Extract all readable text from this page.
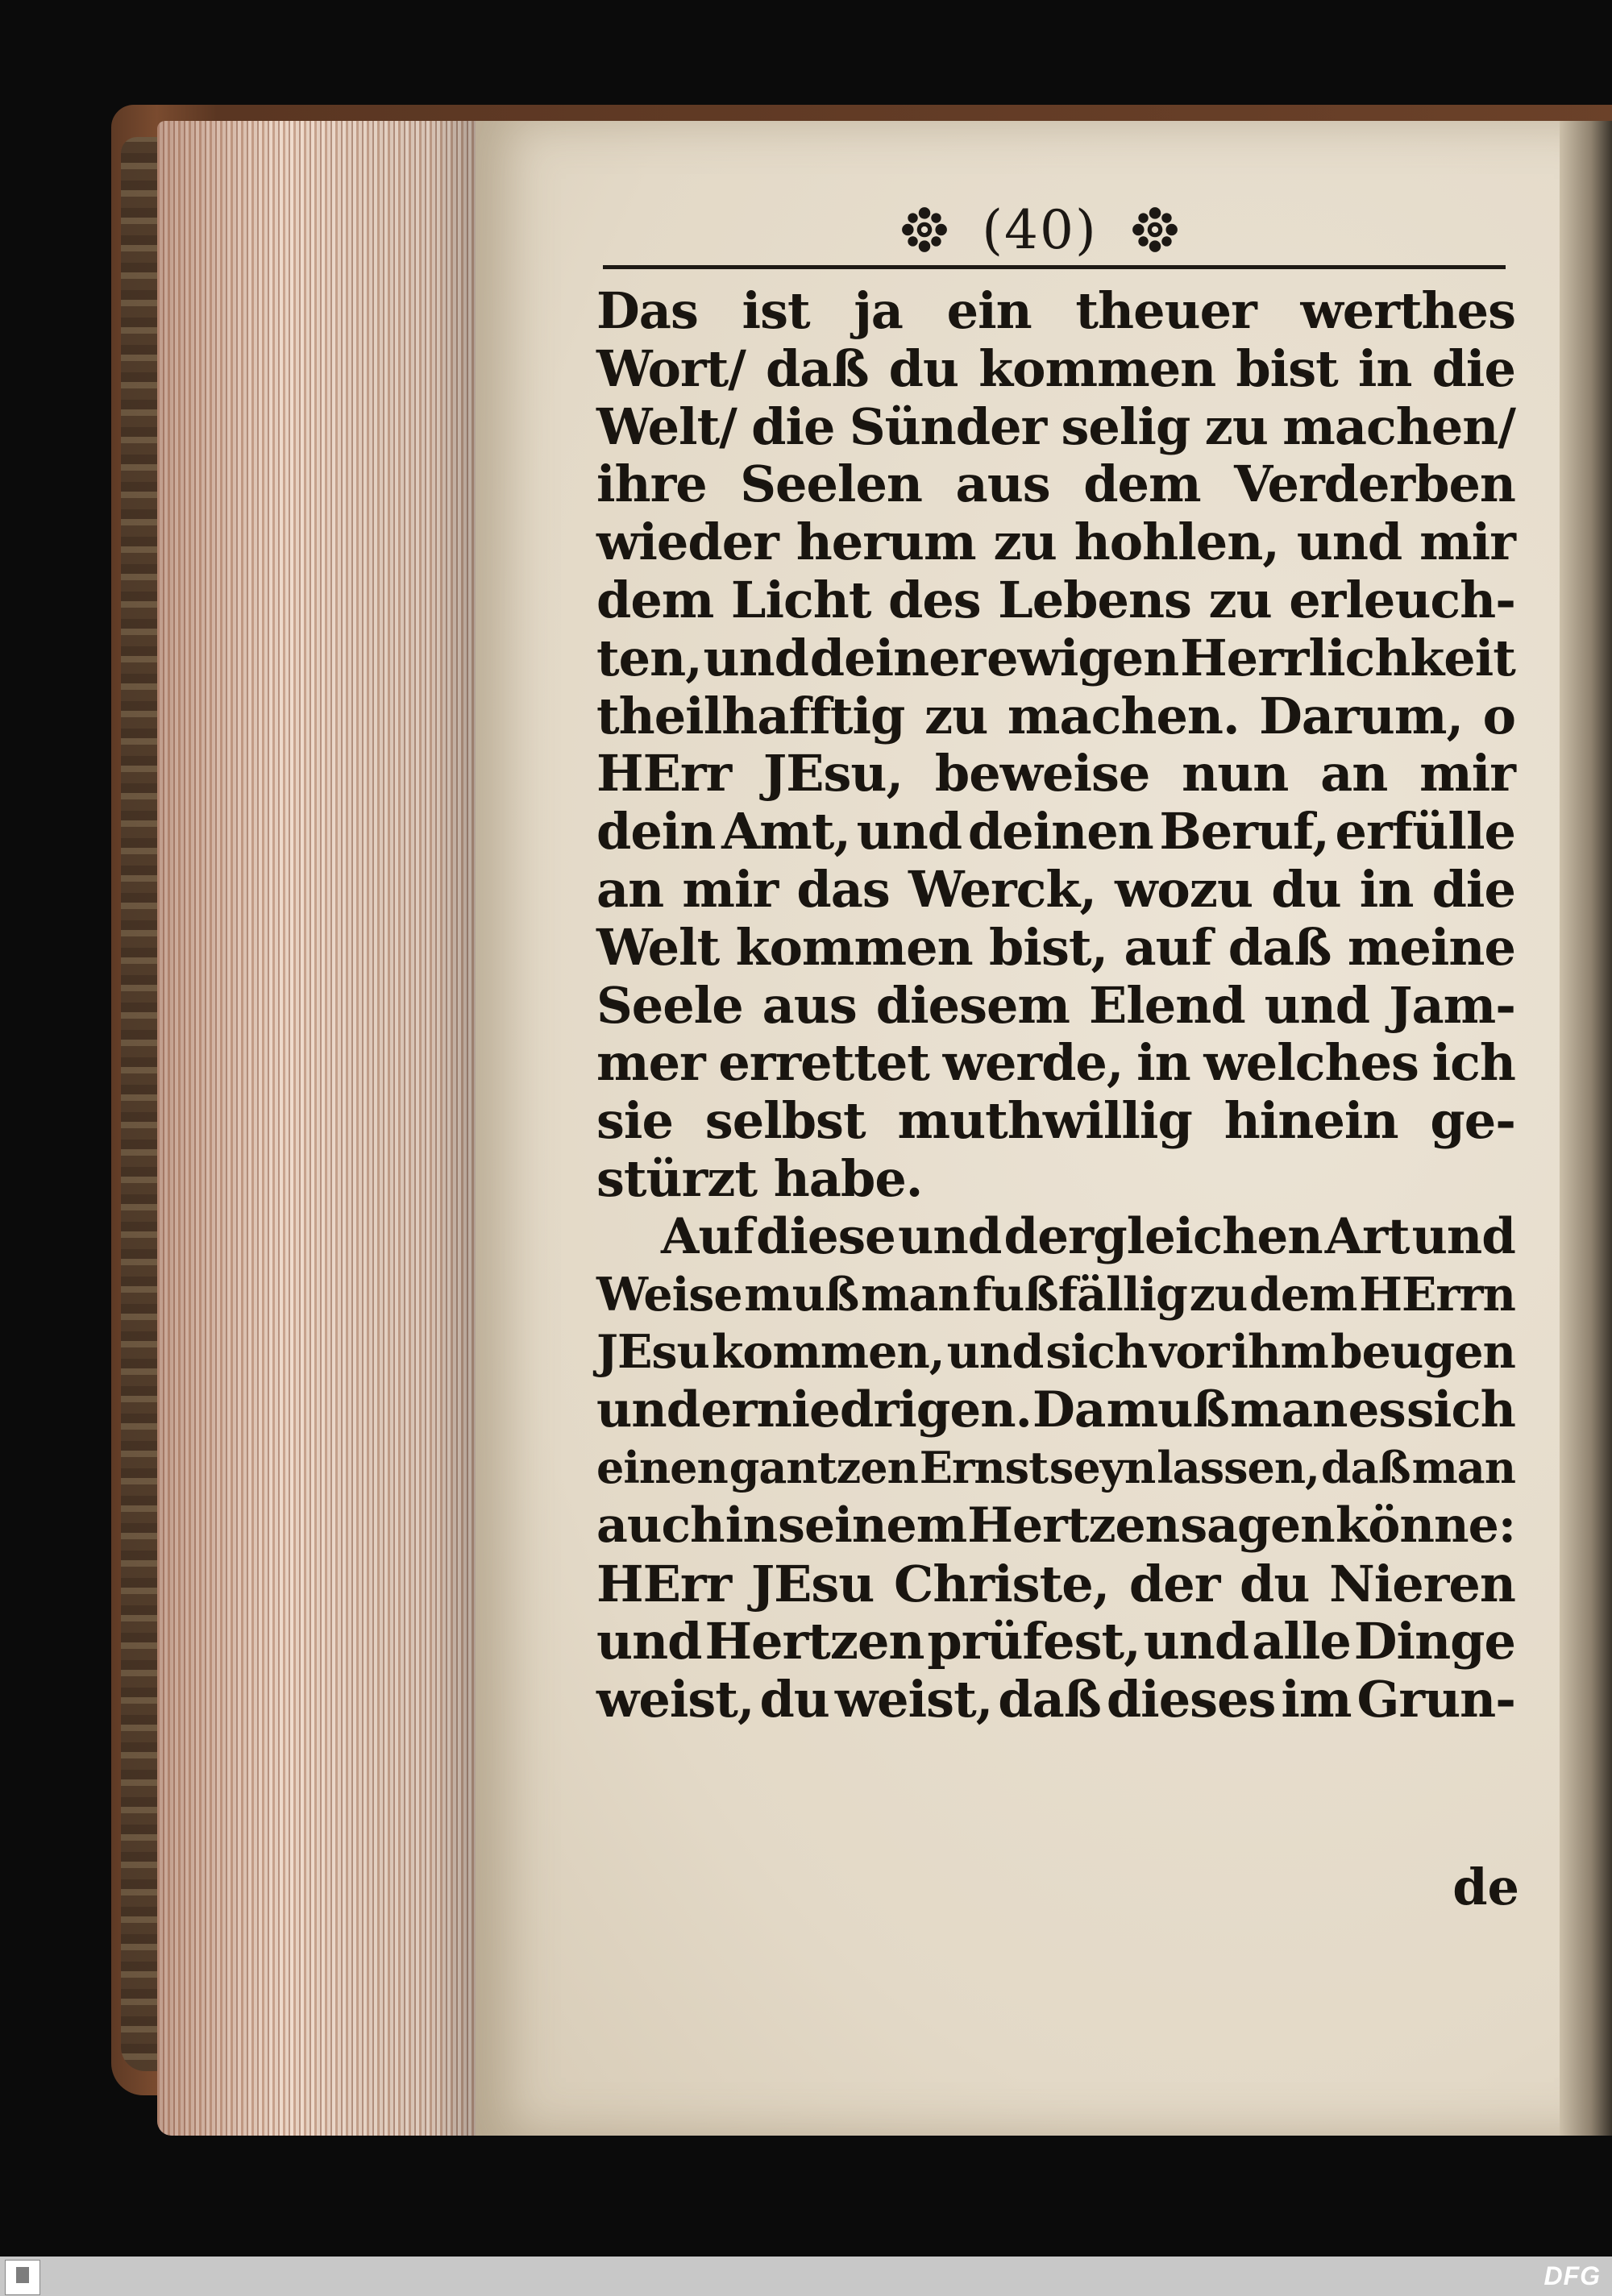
(40)
Das ist ja ein theuer werthes
Wort/ daß du kommen bist in die
Welt/ die Sünder selig zu machen/
ihre Seelen aus dem Verderben
wieder herum zu hohlen, und mir
dem Licht des Lebens zu erleuch-
ten, und deiner ewigen Herrlichkeit
theilhafftig zu machen. Darum, o
HErr JEsu, beweise nun an mir
dein Amt, und deinen Beruf, erfülle
an mir das Werck, wozu du in die
Welt kommen bist, auf daß meine
Seele aus diesem Elend und Jam-
mer errettet werde, in welches ich
sie selbst muthwillig hinein ge-
stürzt habe.
Auf diese und dergleichen Art und
Weise muß man fußfällig zu dem HErrn
JEsu kommen, und sich vor ihm beugen
und erniedrigen. Da muß man es sich
einen gantzen Ernst seyn lassen, daß man
auch in seinem Hertzen sagen könne:
HErr JEsu Christe, der du Nieren
und Hertzen prüfest, und alle Dinge
weist, du weist, daß dieses im Grun-
de
DFG
